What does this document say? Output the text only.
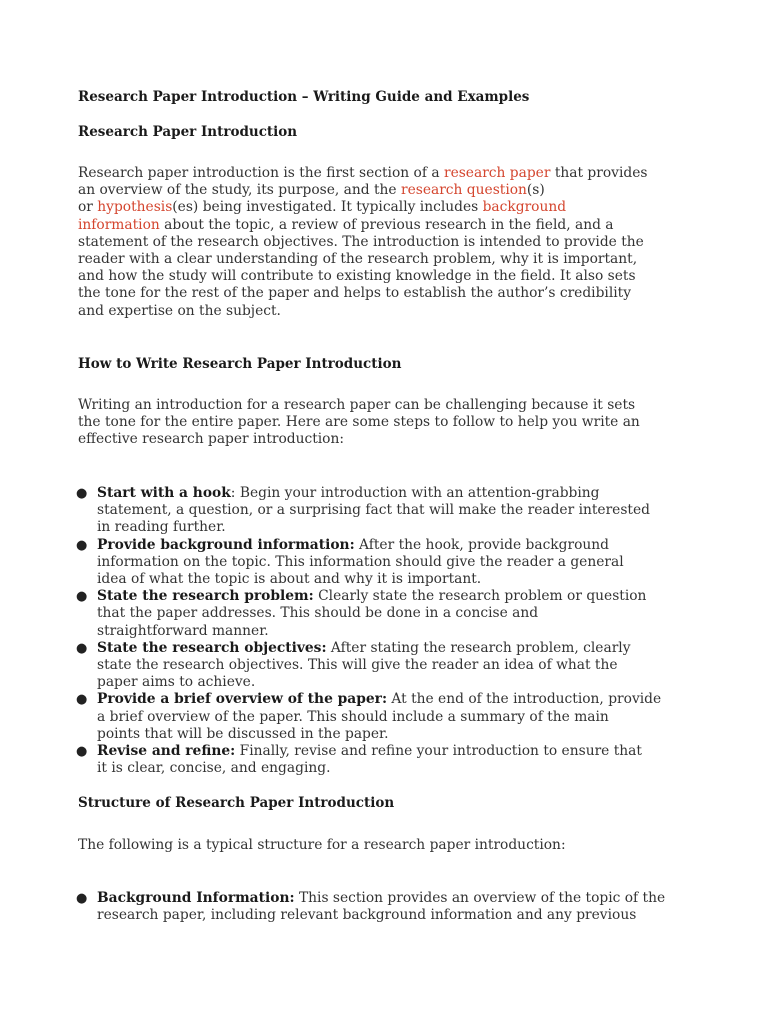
Research Paper Introduction – Writing Guide and Examples
Research Paper Introduction

Research paper introduction is the first section of a research paper that provides
an overview of the study, its purpose, and the research question(s)
or hypothesis(es) being investigated. It typically includes background
information about the topic, a review of previous research in the field, and a
statement of the research objectives. The introduction is intended to provide the
reader with a clear understanding of the research problem, why it is important,
and how the study will contribute to existing knowledge in the field. It also sets
the tone for the rest of the paper and helps to establish the author’s credibility
and expertise on the subject.

How to Write Research Paper Introduction

Writing an introduction for a research paper can be challenging because it sets
the tone for the entire paper. Here are some steps to follow to help you write an
effective research paper introduction:

● Start with a hook: Begin your introduction with an attention-grabbing
statement, a question, or a surprising fact that will make the reader interested
in reading further.
● Provide background information: After the hook, provide background
information on the topic. This information should give the reader a general
idea of what the topic is about and why it is important.
● State the research problem: Clearly state the research problem or question
that the paper addresses. This should be done in a concise and
straightforward manner.
● State the research objectives: After stating the research problem, clearly
state the research objectives. This will give the reader an idea of what the
paper aims to achieve.
● Provide a brief overview of the paper: At the end of the introduction, provide
a brief overview of the paper. This should include a summary of the main
points that will be discussed in the paper.
● Revise and refine: Finally, revise and refine your introduction to ensure that
it is clear, concise, and engaging.
Structure of Research Paper Introduction

The following is a typical structure for a research paper introduction:

● Background Information: This section provides an overview of the topic of the
research paper, including relevant background information and any previous
